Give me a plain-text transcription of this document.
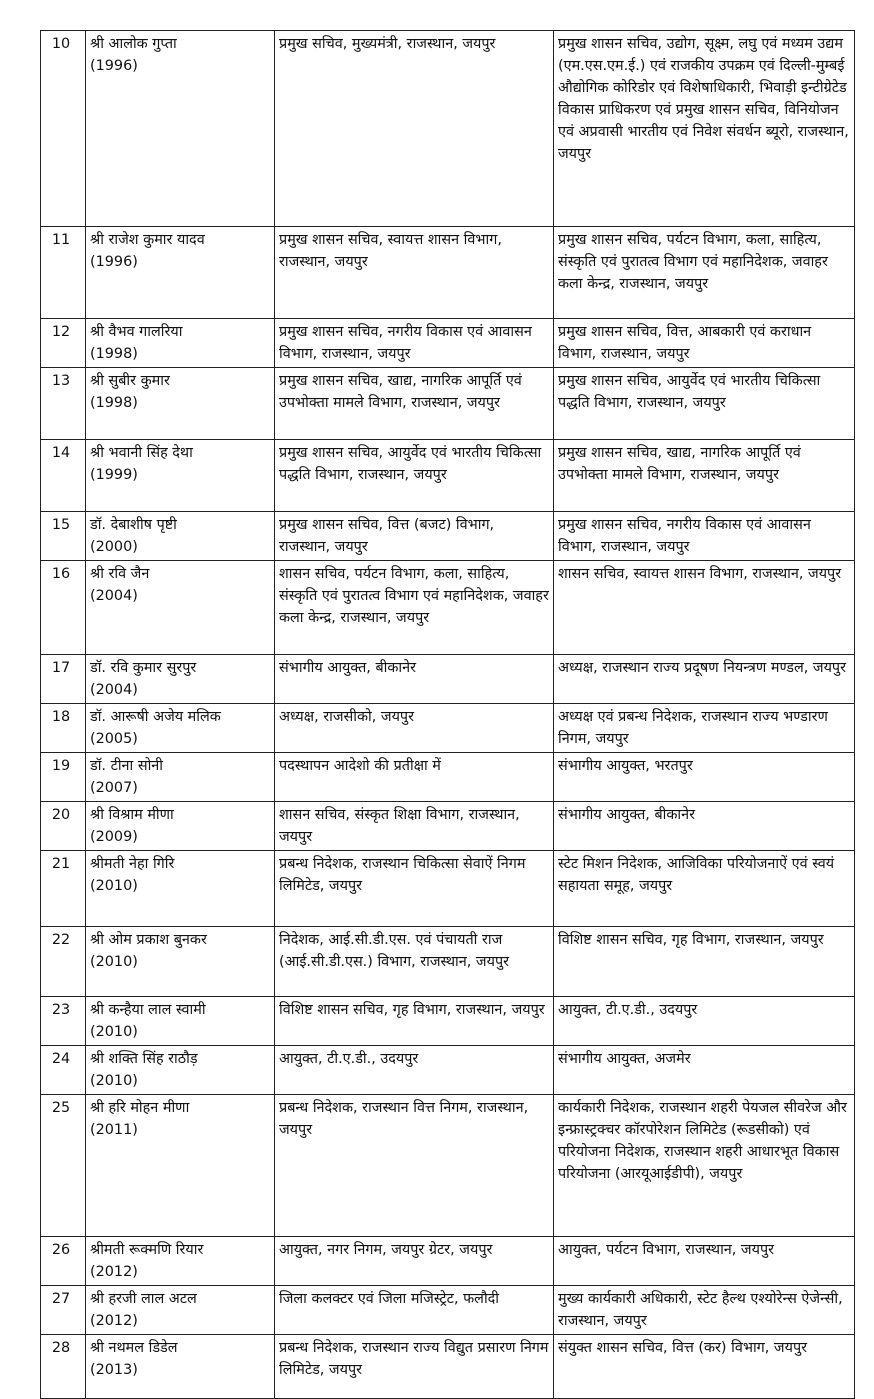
10	श्री आलोक गुप्ता
(1996)	प्रमुख सचिव, मुख्यमंत्री, राजस्थान, जयपुर	प्रमुख शासन सचिव, उद्योग, सूक्ष्म, लघु एवं मध्यम उद्यम (एम.एस.एम.ई.) एवं राजकीय उपक्रम एवं दिल्ली-मुम्बई औद्योगिक कोरिडोर एवं विशेषाधिकारी, भिवाड़ी इन्टीग्रेटेड विकास प्राधिकरण एवं प्रमुख शासन सचिव, विनियोजन एवं अप्रवासी भारतीय एवं निवेश संवर्धन ब्यूरो, राजस्थान, जयपुर
11	श्री राजेश कुमार यादव
(1996)	प्रमुख शासन सचिव, स्वायत्त शासन विभाग, राजस्थान, जयपुर	प्रमुख शासन सचिव, पर्यटन विभाग, कला, साहित्य, संस्कृति एवं पुरातत्व विभाग एवं महानिदेशक, जवाहर कला केन्द्र, राजस्थान, जयपुर
12	श्री वैभव गालरिया
(1998)	प्रमुख शासन सचिव, नगरीय विकास एवं आवासन विभाग, राजस्थान, जयपुर	प्रमुख शासन सचिव, वित्त, आबकारी एवं कराधान विभाग, राजस्थान, जयपुर
13	श्री सुबीर कुमार
(1998)	प्रमुख शासन सचिव, खाद्य, नागरिक आपूर्ति एवं उपभोक्ता मामले विभाग, राजस्थान, जयपुर	प्रमुख शासन सचिव, आयुर्वेद एवं भारतीय चिकित्सा पद्धति विभाग, राजस्थान, जयपुर
14	श्री भवानी सिंह देथा
(1999)	प्रमुख शासन सचिव, आयुर्वेद एवं भारतीय चिकित्सा पद्धति विभाग, राजस्थान, जयपुर	प्रमुख शासन सचिव, खाद्य, नागरिक आपूर्ति एवं उपभोक्ता मामले विभाग, राजस्थान, जयपुर
15	डॉ. देबाशीष पृष्टी
(2000)	प्रमुख शासन सचिव, वित्त (बजट) विभाग, राजस्थान, जयपुर	प्रमुख शासन सचिव, नगरीय विकास एवं आवासन विभाग, राजस्थान, जयपुर
16	श्री रवि जैन
(2004)	शासन सचिव, पर्यटन विभाग, कला, साहित्य, संस्कृति एवं पुरातत्व विभाग एवं महानिदेशक, जवाहर कला केन्द्र, राजस्थान, जयपुर	शासन सचिव, स्वायत्त शासन विभाग, राजस्थान, जयपुर
17	डॉ. रवि कुमार सुरपुर
(2004)	संभागीय आयुक्त, बीकानेर	अध्यक्ष, राजस्थान राज्य प्रदूषण नियन्त्रण मण्डल, जयपुर
18	डॉ. आरूषी अजेय मलिक
(2005)	अध्यक्ष, राजसीको, जयपुर	अध्यक्ष एवं प्रबन्ध निदेशक, राजस्थान राज्य भण्डारण निगम, जयपुर
19	डॉ. टीना सोनी
(2007)	पदस्थापन आदेशो की प्रतीक्षा में	संभागीय आयुक्त, भरतपुर
20	श्री विश्राम मीणा
(2009)	शासन सचिव, संस्कृत शिक्षा विभाग, राजस्थान, जयपुर	संभागीय आयुक्त, बीकानेर
21	श्रीमती नेहा गिरि
(2010)	प्रबन्ध निदेशक, राजस्थान चिकित्सा सेवाऐं निगम लिमिटेड, जयपुर	स्टेट मिशन निदेशक, आजिविका परियोजनाऐं एवं स्वयं सहायता समूह, जयपुर
22	श्री ओम प्रकाश बुनकर
(2010)	निदेशक, आई.सी.डी.एस. एवं पंचायती राज (आई.सी.डी.एस.) विभाग, राजस्थान, जयपुर	विशिष्ट शासन सचिव, गृह विभाग, राजस्थान, जयपुर
23	श्री कन्हैया लाल स्वामी
(2010)	विशिष्ट शासन सचिव, गृह विभाग, राजस्थान, जयपुर	आयुक्त, टी.ए.डी., उदयपुर
24	श्री शक्ति सिंह राठौड़
(2010)	आयुक्त, टी.ए.डी., उदयपुर	संभागीय आयुक्त, अजमेर
25	श्री हरि मोहन मीणा
(2011)	प्रबन्ध निदेशक, राजस्थान वित्त निगम, राजस्थान, जयपुर	कार्यकारी निदेशक, राजस्थान शहरी पेयजल सीवरेज और इन्फ्रास्ट्रक्चर कॉरपोरेशन लिमिटेड (रूडसीको) एवं परियोजना निदेशक, राजस्थान शहरी आधारभूत विकास परियोजना (आरयूआईडीपी), जयपुर
26	श्रीमती रूक्मणि रियार
(2012)	आयुक्त, नगर निगम, जयपुर ग्रेटर, जयपुर	आयुक्त, पर्यटन विभाग, राजस्थान, जयपुर
27	श्री हरजी लाल अटल
(2012)	जिला कलक्टर एवं जिला मजिस्ट्रेट, फलौदी	मुख्य कार्यकारी अधिकारी, स्टेट हैल्थ एश्योरेन्स ऐजेन्सी, राजस्थान, जयपुर
28	श्री नथमल डिडेल
(2013)	प्रबन्ध निदेशक, राजस्थान राज्य विद्युत प्रसारण निगम लिमिटेड, जयपुर	संयुक्त शासन सचिव, वित्त (कर) विभाग, जयपुर
